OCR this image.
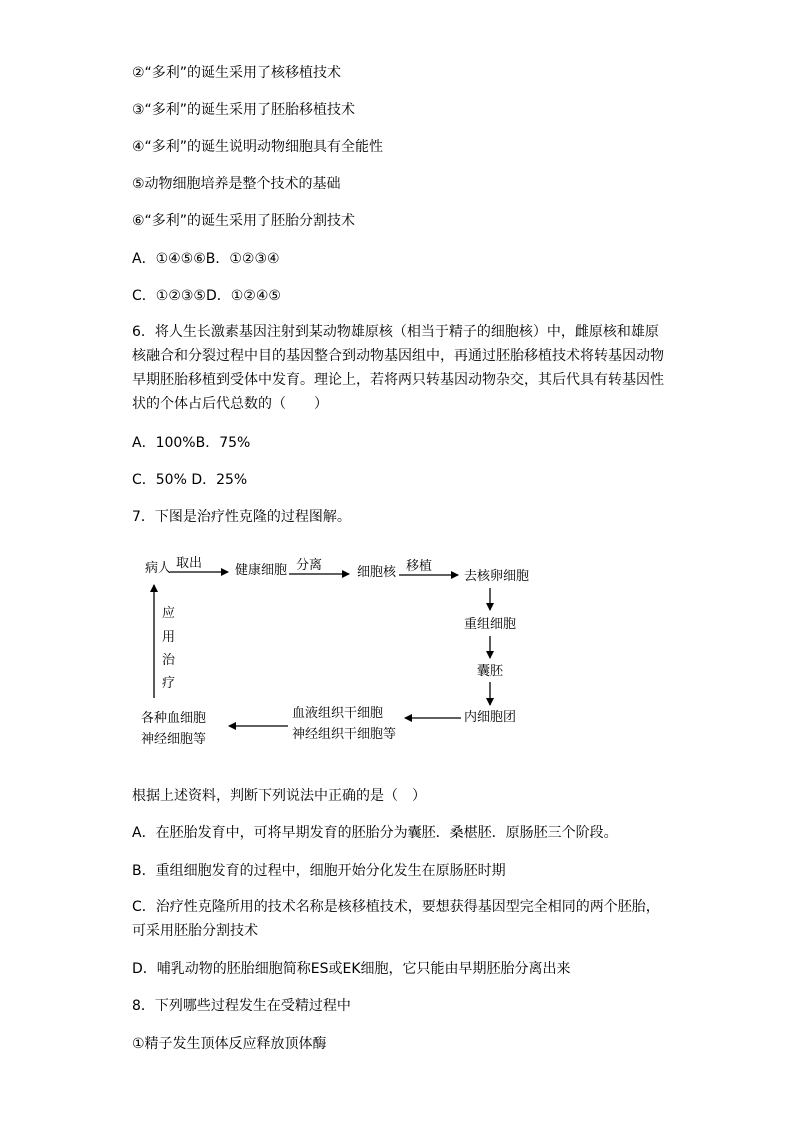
②“多利”的诞生采用了核移植技术
③“多利”的诞生采用了胚胎移植技术
④“多利”的诞生说明动物细胞具有全能性
⑤动物细胞培养是整个技术的基础
⑥“多利”的诞生采用了胚胎分割技术
A．①④⑤⑥B．①②③④
C．①②③⑤D．①②④⑤
6．将人生长激素基因注射到某动物雄原核（相当于精子的细胞核）中，雌原核和雄原核融合和分裂过程中目的基因整合到动物基因组中，再通过胚胎移植技术将转基因动物早期胚胎移植到受体中发育。理论上，若将两只转基因动物杂交，其后代具有转基因性状的个体占后代总数的（　　）
A．100%B．75%
C．50% D．25%
7．下图是治疗性克隆的过程图解。
病人 取出	健康细胞 分离	细胞核 移植
去核卵细胞
重组细胞
囊胚
内细胞团
血液组织干细胞
神经组织干细胞等
各种血细胞
神经细胞等
应
用
治
疗
根据上述资料，判断下列说法中正确的是（　）
A．在胚胎发育中，可将早期发育的胚胎分为囊胚．桑椹胚．原肠胚三个阶段。
B．重组细胞发育的过程中，细胞开始分化发生在原肠胚时期
C．治疗性克隆所用的技术名称是核移植技术，要想获得基因型完全相同的两个胚胎，可采用胚胎分割技术
D．哺乳动物的胚胎细胞简称ES或EK细胞，它只能由早期胚胎分离出来
8．下列哪些过程发生在受精过程中
①精子发生顶体反应释放顶体酶
